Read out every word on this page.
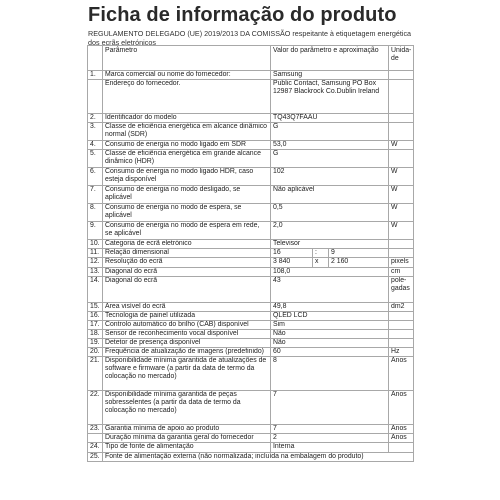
Ficha de informação do produto
REGULAMENTO DELEGADO (UE) 2019/2013 DA COMISSÃO respeitante à etiquetagem energética dos ecrãs eletrónicos
	Parâmetro	Valor do parâmetro e aproximação			Unida-de
1.	Marca comercial ou nome do fornecedor:	Samsung			
	Endereço do fornecedor.	Public Contact, Samsung PO Box 12987 Blackrock Co.Dublin Ireland			
2.	Identificador do modelo	TQ43Q7FAAU			
3.	Classe de eficiência energética em alcance dinâmico normal (SDR)	G			
4.	Consumo de energia no modo ligado em SDR	53,0			W
5.	Classe de eficiência energética em grande alcance dinâmico (HDR)	G			
6.	Consumo de energia no modo ligado HDR, caso esteja disponível	102			W
7.	Consumo de energia no modo desligado, se aplicável	Não aplicável			W
8.	Consumo de energia no modo de espera, se aplicável	0,5			W
9.	Consumo de energia no modo de espera em rede, se aplicável	2,0			W
10.	Categoria de ecrã eletrónico	Televisor			
11.	Relação dimensional	16	:	9	
12.	Resolução do ecrã	3 840	x	2 160	pixels
13.	Diagonal do ecrã	108,0			cm
14.	Diagonal do ecrã	43			pole-gadas
15.	Área visível do ecrã	49,8			dm2
16.	Tecnologia de painel utilizada	QLED LCD			
17.	Controlo automático do brilho (CAB) disponível	Sim			
18.	Sensor de reconhecimento vocal disponível	Não			
19.	Detetor de presença disponível	Não			
20.	Frequência de atualização de imagens (predefinido)	60			Hz
21.	Disponibilidade mínima garantida de atualizações de software e firmware (a partir da data de termo da colocação no mercado)	8			Anos
22.	Disponibilidade mínima garantida de peças sobresselentes (a partir da data de termo da colocação no mercado)	7			Anos
23.	Garantia mínima de apoio ao produto	7			Anos
	Duração mínima da garantia geral do fornecedor	2			Anos
24.	Tipo de fonte de alimentação	Interna			
25.	Fonte de alimentação externa (não normalizada; incluída na embalagem do produto)				
